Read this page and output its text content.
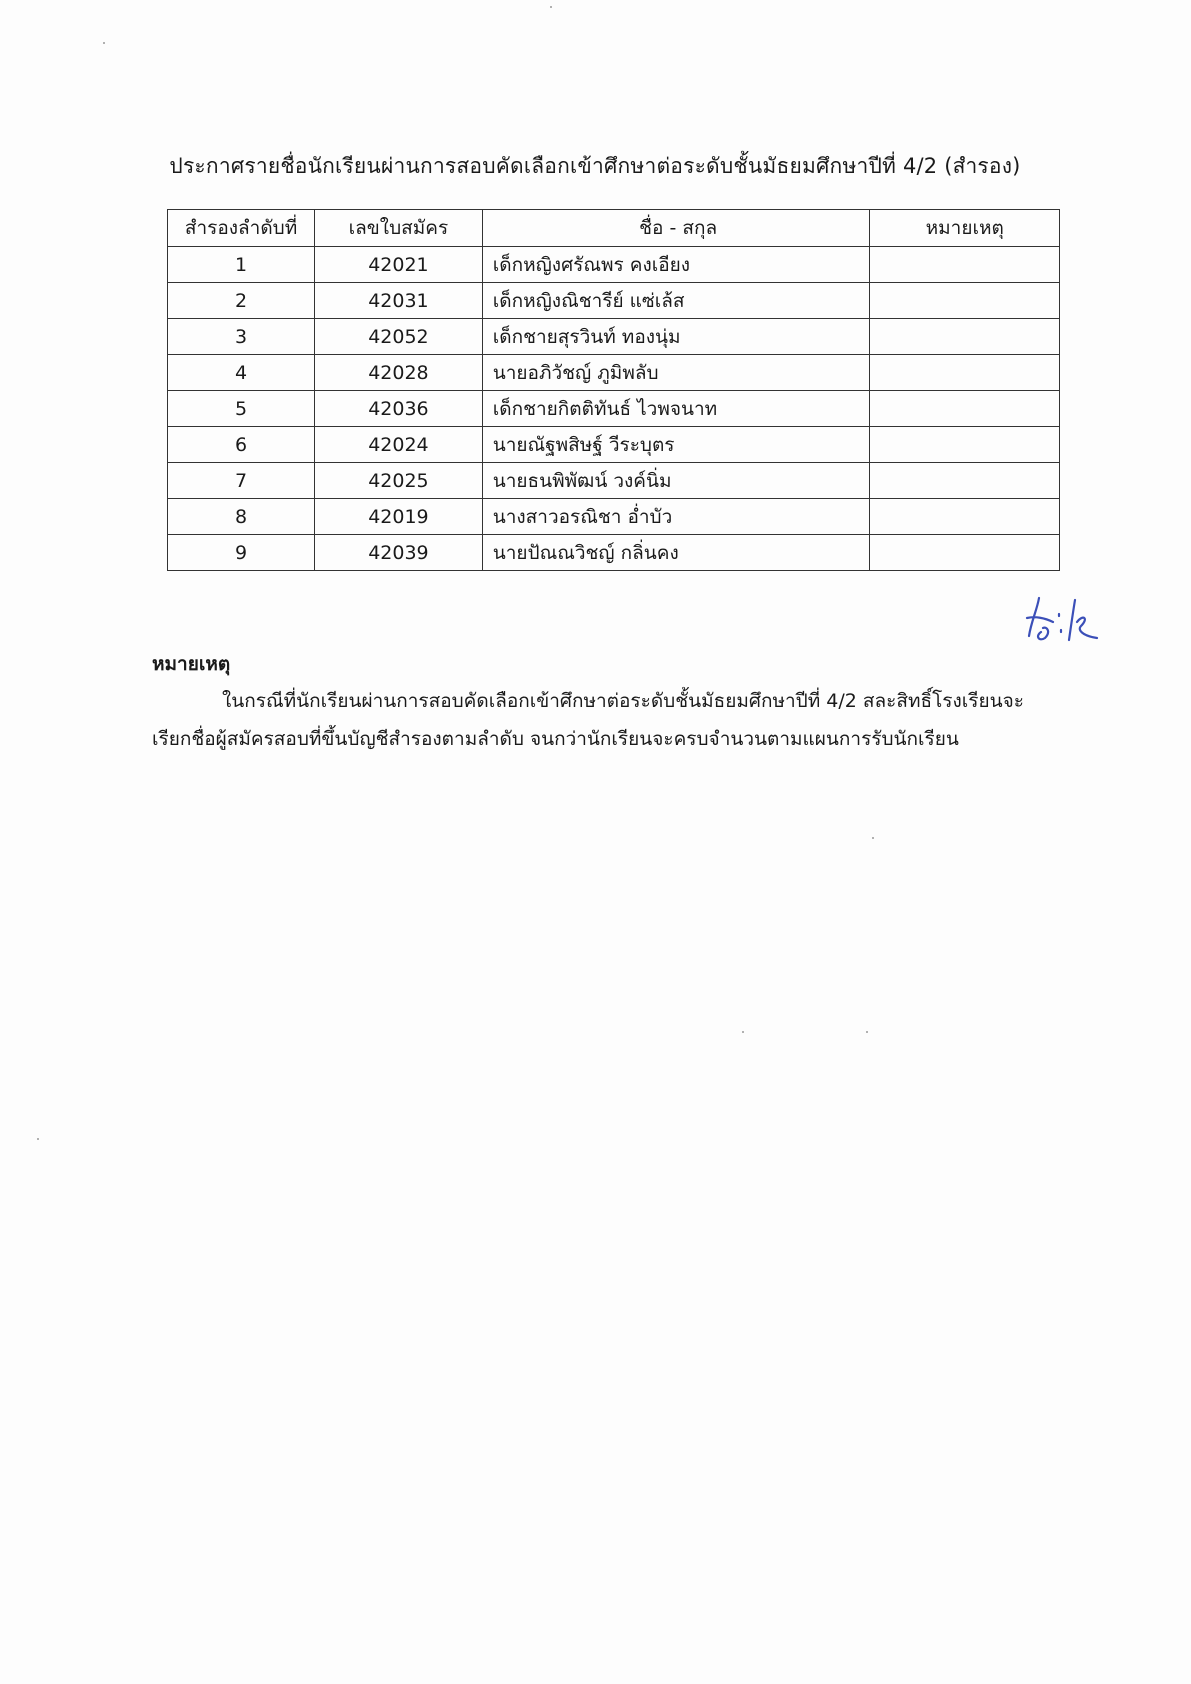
ประกาศรายชื่อนักเรียนผ่านการสอบคัดเลือกเข้าศึกษาต่อระดับชั้นมัธยมศึกษาปีที่ 4/2 (สำรอง)
สำรองลำดับที่	เลขใบสมัคร	ชื่อ - สกุล	หมายเหตุ
1	42021	เด็กหญิงศรัณพร คงเอียง	
2	42031	เด็กหญิงณิชารีย์ แซ่เล้ส	
3	42052	เด็กชายสุรวินท์ ทองนุ่ม	
4	42028	นายอภิวัชญ์ ภูมิพลับ	
5	42036	เด็กชายกิตติทันธ์ ไวพจนาท	
6	42024	นายณัฐพสิษฐ์ วีระบุตร	
7	42025	นายธนพิพัฒน์ วงค์นิ่ม	
8	42019	นางสาวอรณิชา อ่ำบัว	
9	42039	นายปัณณวิชญ์ กลิ่นคง	
หมายเหตุ
ในกรณีที่นักเรียนผ่านการสอบคัดเลือกเข้าศึกษาต่อระดับชั้นมัธยมศึกษาปีที่ 4/2 สละสิทธิ์โรงเรียนจะเรียกชื่อผู้สมัครสอบที่ขึ้นบัญชีสำรองตามลำดับ จนกว่านักเรียนจะครบจำนวนตามแผนการรับนักเรียน
